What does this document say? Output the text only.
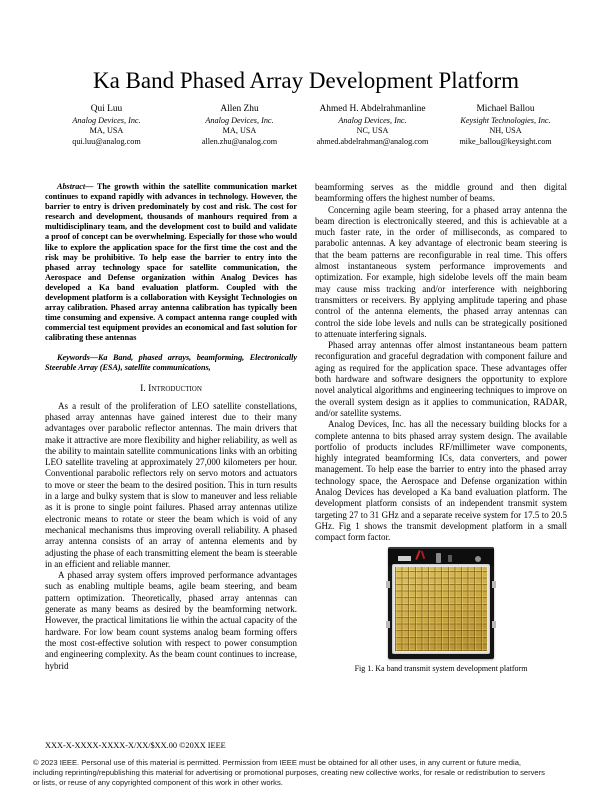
Ka Band Phased Array Development Platform
Qui Luu
Analog Devices, Inc.
MA, USA
qui.luu@analog.com
Allen Zhu
Analog Devices, Inc.
MA, USA
allen.zhu@analog.com
Ahmed H. Abdelrahmanline
Analog Devices, Inc.
NC, USA
ahmed.abdelrahman@analog.com
Michael Ballou
Keysight Technologies, Inc.
NH, USA
mike_ballou@keysight.com

Abstract— The growth within the satellite communication market continues to expand rapidly with advances in technology. However, the barrier to entry is driven predominately by cost and risk. The cost for research and development, thousands of manhours required from a multidisciplinary team, and the development cost to build and validate a proof of concept can be overwhelming. Especially for those who would like to explore the application space for the first time the cost and the risk may be prohibitive. To help ease the barrier to entry into the phased array technology space for satellite communication, the Aerospace and Defense organization within Analog Devices has developed a Ka band evaluation platform. Coupled with the development platform is a collaboration with Keysight Technologies on array calibration. Phased array antenna calibration has typically been time consuming and expensive. A compact antenna range coupled with commercial test equipment provides an economical and fast solution for calibrating these antennas

Keywords—Ka Band, phased arrays, beamforming, Electronically Steerable Array (ESA), satellite communications,

I. Introduction

As a result of the proliferation of LEO satellite constellations, phased array antennas have gained interest due to their many advantages over parabolic reflector antennas. The main drivers that make it attractive are more flexibility and higher reliability, as well as the ability to maintain satellite communications links with an orbiting LEO satellite traveling at approximately 27,000 kilometers per hour. Conventional parabolic reflectors rely on servo motors and actuators to move or steer the beam to the desired position. This in turn results in a large and bulky system that is slow to maneuver and less reliable as it is prone to single point failures. Phased array antennas utilize electronic means to rotate or steer the beam which is void of any mechanical mechanisms thus improving overall reliability. A phased array antenna consists of an array of antenna elements and by adjusting the phase of each transmitting element the beam is steerable in an efficient and reliable manner.

A phased array system offers improved performance advantages such as enabling multiple beams, agile beam steering, and beam pattern optimization. Theoretically, phased array antennas can generate as many beams as desired by the beamforming network. However, the practical limitations lie within the actual capacity of the hardware. For low beam count systems analog beam forming offers the most cost-effective solution with respect to power consumption and engineering complexity. As the beam count continues to increase, hybrid

beamforming serves as the middle ground and then digital beamforming offers the highest number of beams.

Concerning agile beam steering, for a phased array antenna the beam direction is electronically steered, and this is achievable at a much faster rate, in the order of milliseconds, as compared to parabolic antennas. A key advantage of electronic beam steering is that the beam patterns are reconfigurable in real time. This offers almost instantaneous system performance improvements and optimization. For example, high sidelobe levels off the main beam may cause miss tracking and/or interference with neighboring transmitters or receivers. By applying amplitude tapering and phase control of the antenna elements, the phased array antennas can control the side lobe levels and nulls can be strategically positioned to attenuate interfering signals.

Phased array antennas offer almost instantaneous beam pattern reconfiguration and graceful degradation with component failure and aging as required for the application space. These advantages offer both hardware and software designers the opportunity to explore novel analytical algorithms and engineering techniques to improve on the overall system design as it applies to communication, RADAR, and/or satellite systems.

Analog Devices, Inc. has all the necessary building blocks for a complete antenna to bits phased array system design. The available portfolio of products includes RF/millimeter wave components, highly integrated beamforming ICs, data converters, and power management. To help ease the barrier to entry into the phased array technology space, the Aerospace and Defense organization within Analog Devices has developed a Ka band evaluation platform. The development platform consists of an independent transmit system targeting 27 to 31 GHz and a separate receive system for 17.5 to 20.5 GHz. Fig 1 shows the transmit development platform in a small compact form factor.

Fig 1. Ka band transmit system development platform
XXX-X-XXXX-XXXX-X/XX/$XX.00 ©20XX IEEE
© 2023 IEEE. Personal use of this material is permitted. Permission from IEEE must be obtained for all other uses, in any current or future media,
including reprinting/republishing this material for advertising or promotional purposes, creating new collective works, for resale or redistribution to servers
or lists, or reuse of any copyrighted component of this work in other works.
